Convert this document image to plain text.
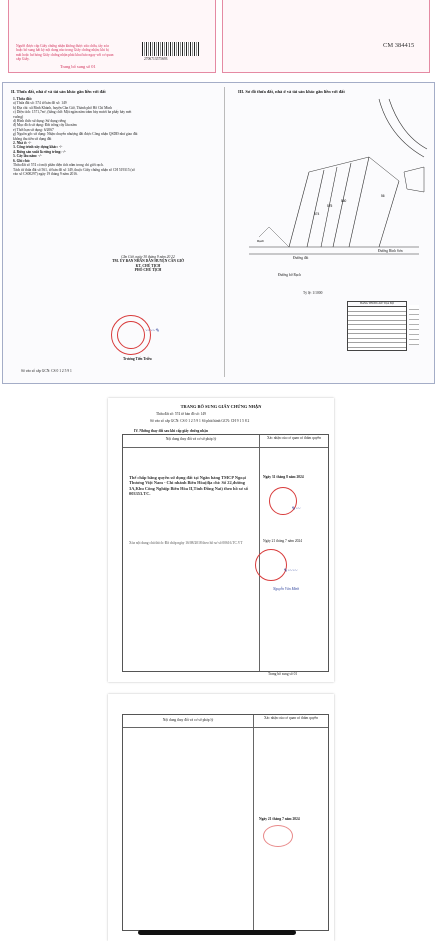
Người được cấp Giấy chứng nhận không được sửa chữa, tẩy xóa hoặc bổ sung bất kỳ nội dung nào trong Giấy chứng nhận; khi bị mất hoặc hư hỏng Giấy chứng nhận phải khai báo ngay với cơ quan cấp Giấy.	2706713575693
Trang bổ sung số 01
CM 384415
II. Thửa đất, nhà ở và tài sản khác gắn liền với đất	III. Sơ đồ thửa đất, nhà ở và tài sản khác gắn liền với đất
1. Thửa đất:
a) Thửa đất số: 574 tờ bản đồ số: 149
b) Địa chỉ: xã Bình Khánh, huyện Cần Giờ, Thành phố Hồ Chí Minh
c) Diện tích: 1571,7m², (bằng chữ: Một ngàn năm trăm bảy mươi ba phẩy bảy mét
vuông)
d) Hình thức sử dụng: Sử dụng riêng
đ) Mục đích sử dụng: Đất trồng cây lâu năm
e) Thời hạn sử dụng: 6/2067
g) Nguồn gốc sử dụng: Nhận chuyển nhượng đất được Công nhận QSDĐ như giao đất
không thu tiền sử dụng đất
2. Nhà ở: -/-
3. Công trình xây dựng khác: -/-
4. Rừng sản xuất là rừng trồng: -/-
5. Cây lâu năm: -/-
6. Ghi chú:
Thửa đất số 574 có một phần diện tích nằm trong chỉ giới rạch.
Tách từ thửa đất số 561, tờ bản đồ số 149, thuộc Giấy chứng nhận số CH 519315 (số
vào số CS00297) ngày 19 tháng 9 năm 2016.
Cần Giờ, ngày 30 tháng 9 năm 20 22
TM. ỦY BAN NHÂN DÂN HUYỆN CẦN GIỜ
KT. CHỦ TỊCH
PHÓ CHỦ TỊCH
〰〰✎
Trương Tiến Triều
Số vào sổ cấp GCN: CS 0 1 2 5 9 1
574
575
560
56
Rạch
Đường Bình Sơn
Đường bờ Rạch
Đường đất
Tỷ lệ: 1/1000
BẢNG THỐNG KÊ TỌA ĐỘ
TRANG BỔ SUNG GIẤY CHỨNG NHẬN
Thửa đất số: 574 tờ bản đồ số: 149
Số vào sổ cấp GCN: CS 0 1 2 5 9 1 Số phát hành GCN: CH 9 1 5 8 2
IV. Những thay đổi sau khi cấp giấy chứng nhận
Nội dung thay đổi và cơ sở pháp lý	Xác nhận của cơ quan có thẩm quyền
Thế chấp bằng quyền sử dụng đất tại Ngân hàng TMCP Ngoại Thương Việt Nam - Chi nhánh Biên Hòa(địa chỉ: Số 22,đường 3A,Khu Công Nghiệp Biên Hòa II,Tỉnh Đồng Nai) theo hồ sơ số 003353.TC.
Xóa nội dung chú thích: Đã chấp ngày 16/08/2018 theo hồ sơ số 00616.TC.VT
Ngày 31 tháng 8 năm 2024
Ngày 21 tháng 7 năm 2024
✎〰
✎〰〰
Nguyễn Văn Minh
Trang bổ sung số 01
Nội dung thay đổi và cơ sở pháp lý	Xác nhận của cơ quan có thẩm quyền
Ngày 21 tháng 7 năm 2024
